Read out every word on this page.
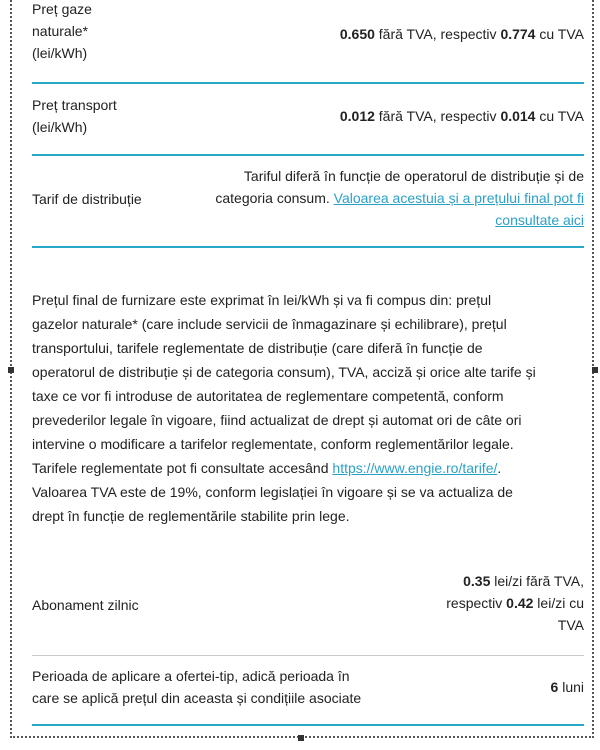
Preț gaze
naturale*
(lei/kWh)
0.650 fără TVA, respectiv 0.774 cu TVA
Preț transport
(lei/kWh)
0.012 fără TVA, respectiv 0.014 cu TVA
Tarif de distribuție
Tariful diferă în funcție de operatorul de distribuție și de
categoria consum. Valoarea acestuia și a prețului final pot fi
consultate aici
Prețul final de furnizare este exprimat în lei/kWh și va fi compus din: prețul
gazelor naturale* (care include servicii de înmagazinare și echilibrare), prețul
transportului, tarifele reglementate de distribuție (care diferă în funcție de
operatorul de distribuție și de categoria consum), TVA, acciză și orice alte tarife și
taxe ce vor fi introduse de autoritatea de reglementare competentă, conform
prevederilor legale în vigoare, fiind actualizat de drept și automat ori de câte ori
intervine o modificare a tarifelor reglementate, conform reglementărilor legale.
Tarifele reglementate pot fi consultate accesând https://www.engie.ro/tarife/.
Valoarea TVA este de 19%, conform legislației în vigoare și se va actualiza de
drept în funcție de reglementările stabilite prin lege.
Abonament zilnic
0.35 lei/zi fără TVA,
respectiv 0.42 lei/zi cu
TVA
Perioada de aplicare a ofertei-tip, adică perioada în
care se aplică prețul din aceasta și condițiile asociate
6 luni
